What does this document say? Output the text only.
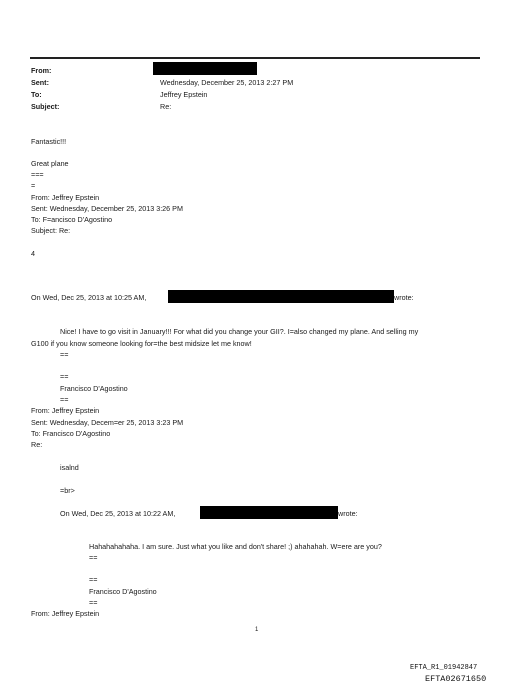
From:
Sent:	Wednesday, December 25, 2013 2:27 PM
To:	Jeffrey Epstein
Subject:	Re:
Fantastic!!!
Great plane
===
=
From: Jeffrey Epstein
Sent: Wednesday, December 25, 2013 3:26 PM
To: F=ancisco D'Agostino
Subject: Re:
4
On Wed, Dec 25, 2013 at 10:25 AM,	wrote:
Nice! I have to go visit in January!!! For what did you change your GII?. I=also changed my plane. And selling my
G100 if you know someone looking for=the best midsize let me know!
==
==
Francisco D'Agostino
==
From: Jeffrey Epstein
Sent: Wednesday, Decem=er 25, 2013 3:23 PM
To: Francisco D'Agostino
Re:
isalnd
=br>
On Wed, Dec 25, 2013 at 10:22 AM,	wrote:
Hahahahahaha. I am sure. Just what you like and don't share! ;) ahahahah. W=ere are you?
==
==
Francisco D'Agostino
==
From: Jeffrey Epstein
1
EFTA_R1_01942847
EFTA02671650
